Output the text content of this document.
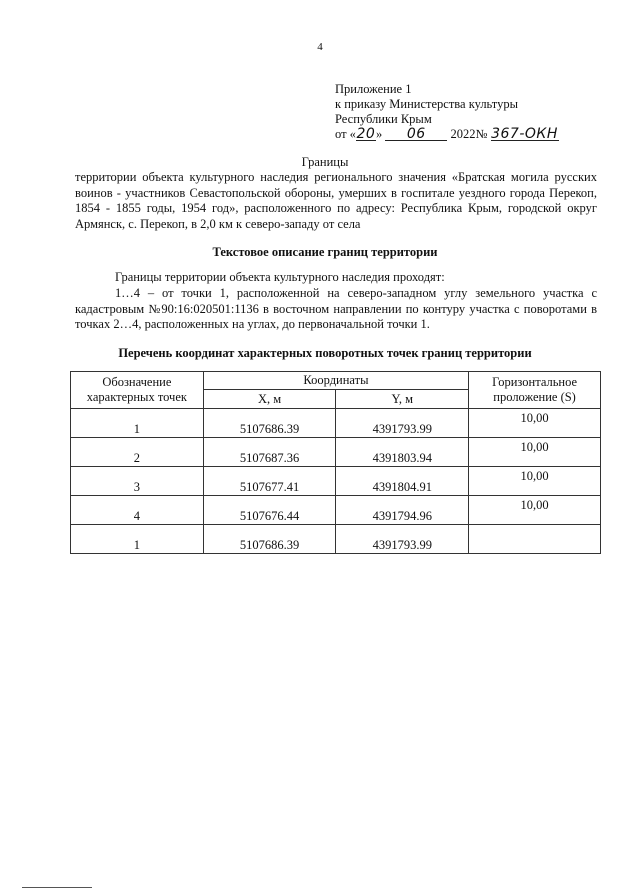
4
Приложение 1
к приказу Министерства культуры
Республики Крым
от «20» 06 2022№ 367-ОКН
Границы
территории объекта культурного наследия регионального значения «Братская могила русских воинов - участников Севастопольской обороны, умерших в госпитале уездного города Перекоп, 1854 - 1855 годы, 1954 год», расположенного по адресу: Республика Крым, городской округ Армянск, с. Перекоп, в 2,0 км к северо-западу от села
Текстовое описание границ территории
Границы территории объекта культурного наследия проходят:
1…4 – от точки 1, расположенной на северо-западном углу земельного участка с кадастровым №90:16:020501:1136 в восточном направлении по контуру участка с поворотами в точках 2…4, расположенных на углах, до первоначальной точки 1.
Перечень координат характерных поворотных точек границ территории
Обозначение характерных точек	Координаты		Горизонтальное проложение (S)
	X, м	Y, м	
1	5107686.39	4391793.99	10,00
2	5107687.36	4391803.94	10,00
3	5107677.41	4391804.91	10,00
4	5107676.44	4391794.96	10,00
1	5107686.39	4391793.99	
